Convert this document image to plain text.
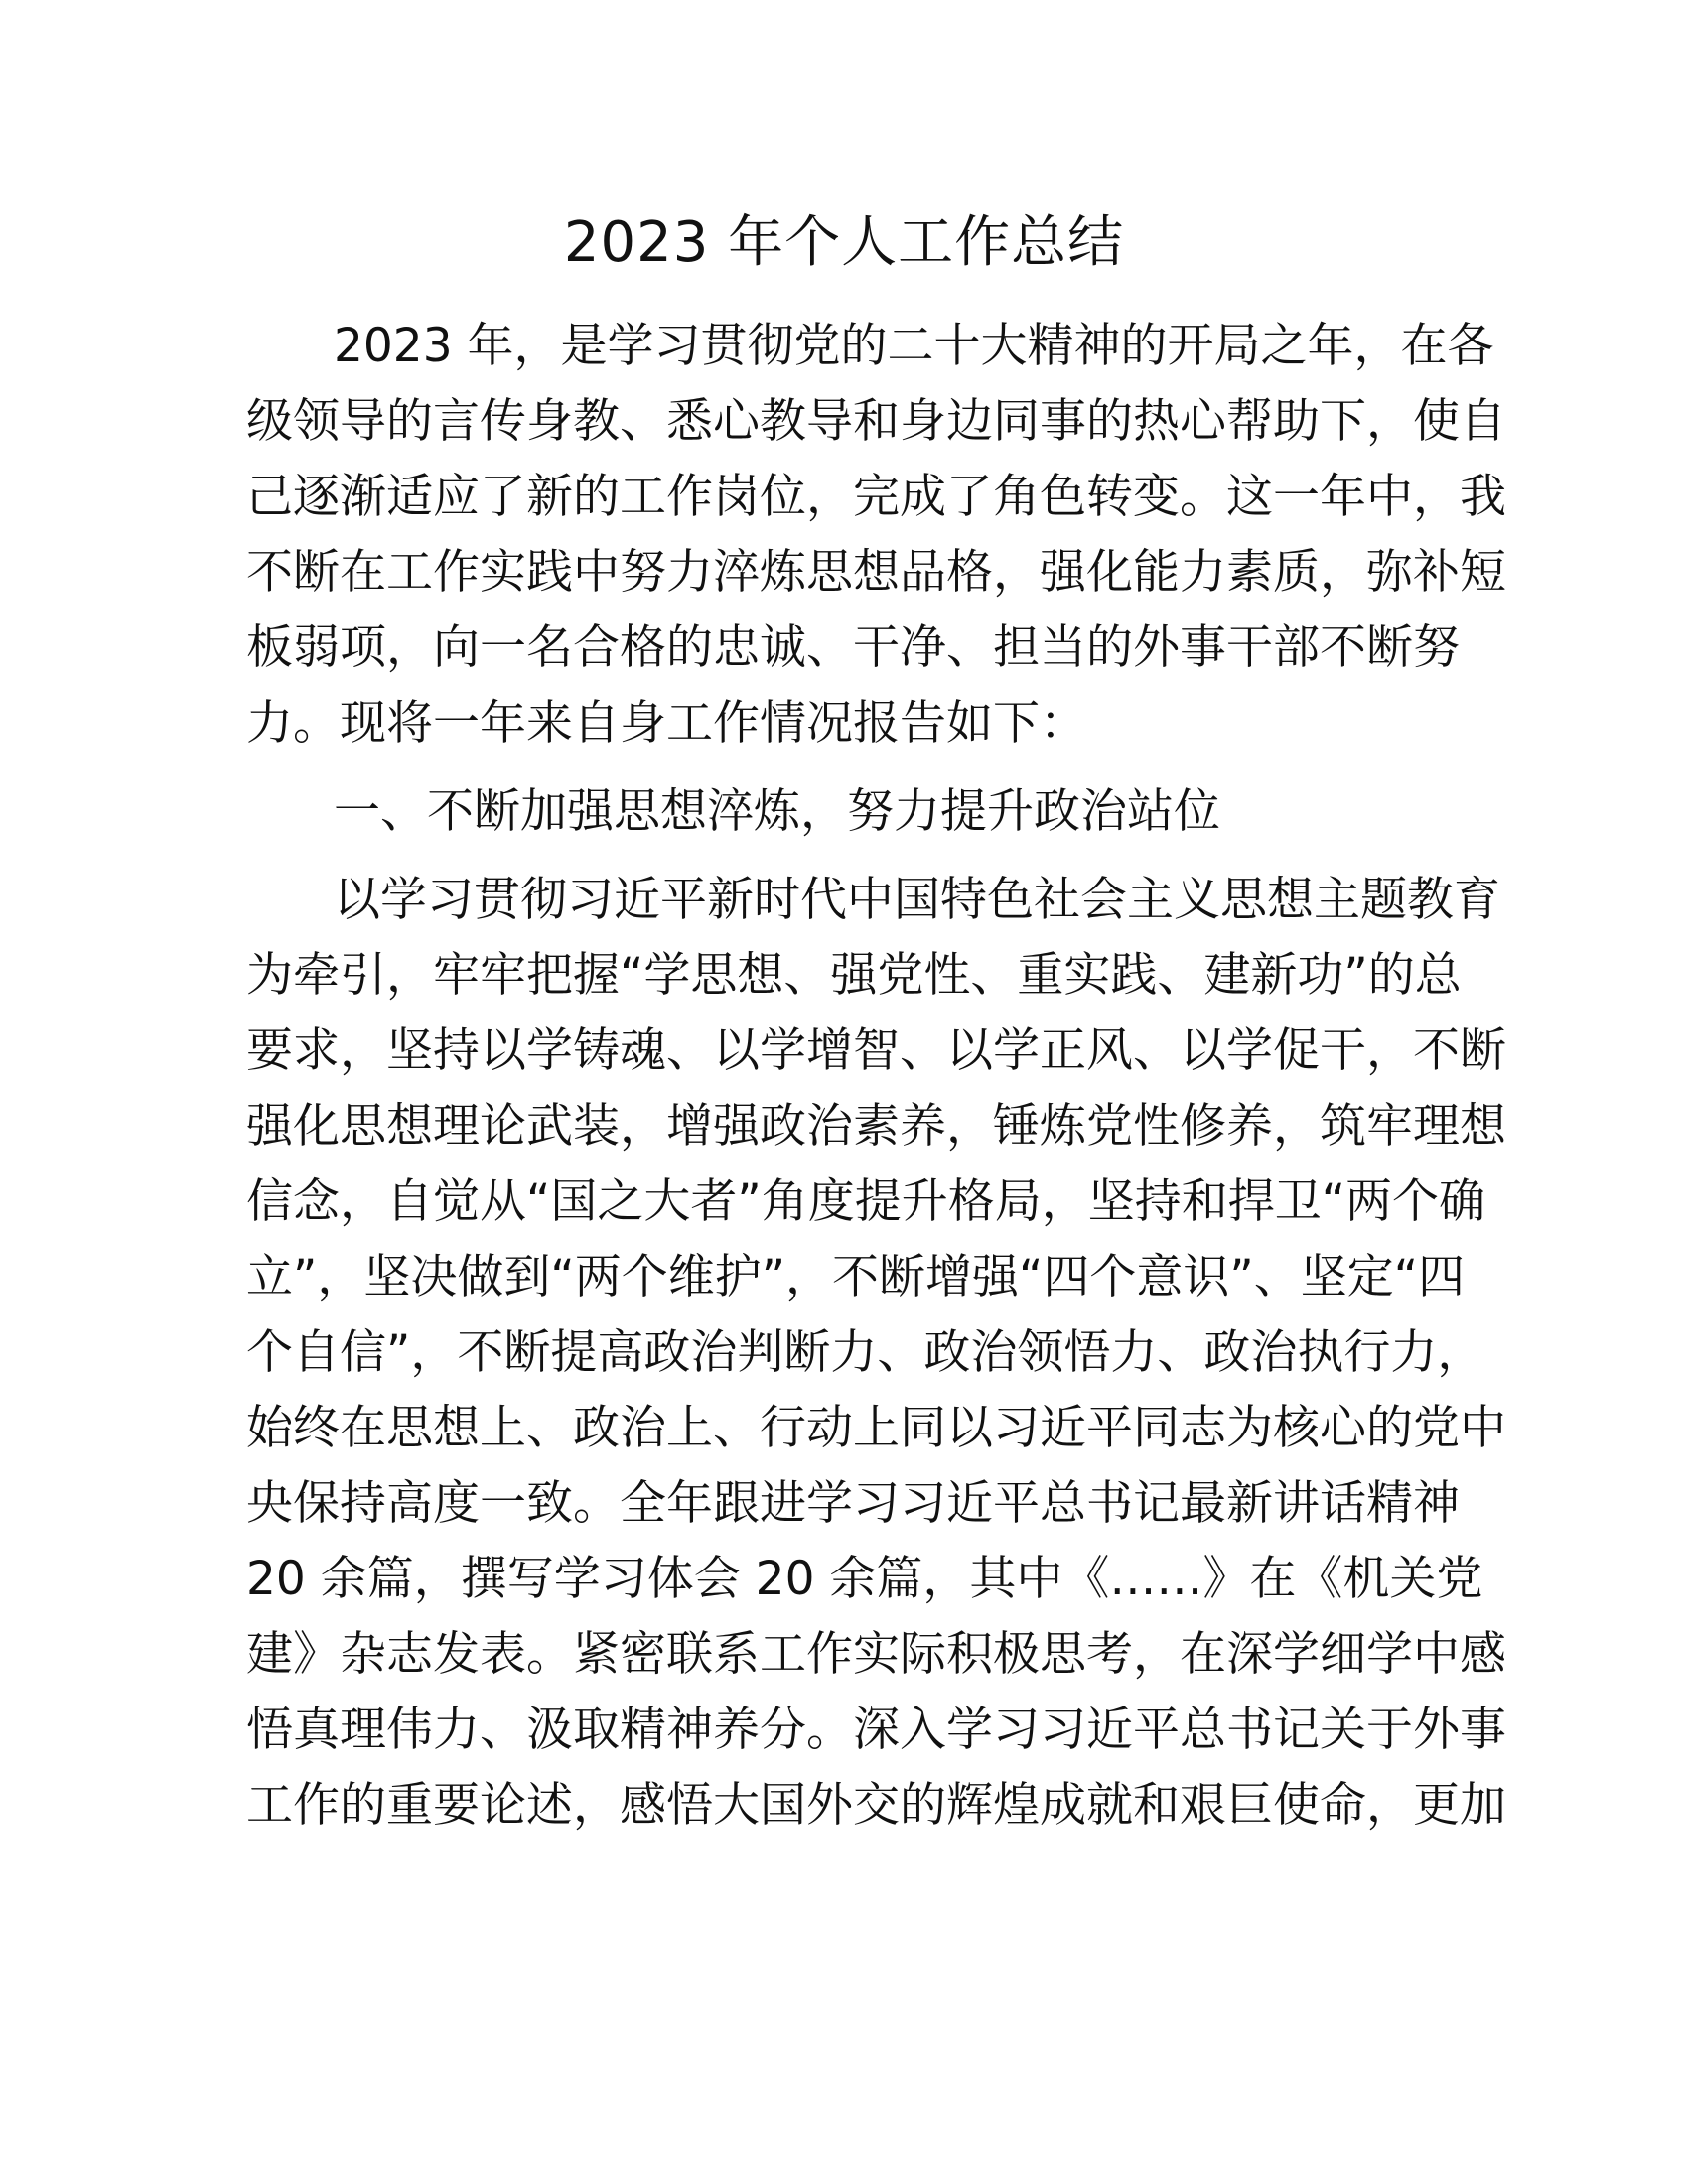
2023 年个人工作总结

2023 年，是学习贯彻党的二十大精神的开局之年，在各

级领导的言传身教、悉心教导和身边同事的热心帮助下，使自

己逐渐适应了新的工作岗位，完成了角色转变。这一年中，我

不断在工作实践中努力淬炼思想品格，强化能力素质，弥补短

板弱项，向一名合格的忠诚、干净、担当的外事干部不断努

力。现将一年来自身工作情况报告如下：

一、不断加强思想淬炼，努力提升政治站位

以学习贯彻习近平新时代中国特色社会主义思想主题教育

为牵引，牢牢把握“学思想、强党性、重实践、建新功”的总

要求，坚持以学铸魂、以学增智、以学正风、以学促干，不断

强化思想理论武装，增强政治素养，锤炼党性修养，筑牢理想

信念，自觉从“国之大者”角度提升格局，坚持和捍卫“两个确

立”，坚决做到“两个维护”，不断增强“四个意识”、坚定“四

个自信”，不断提高政治判断力、政治领悟力、政治执行力，

始终在思想上、政治上、行动上同以习近平同志为核心的党中

央保持高度一致。全年跟进学习习近平总书记最新讲话精神

20 余篇，撰写学习体会 20 余篇，其中《……》在《机关党

建》杂志发表。紧密联系工作实际积极思考，在深学细学中感

悟真理伟力、汲取精神养分。深入学习习近平总书记关于外事

工作的重要论述，感悟大国外交的辉煌成就和艰巨使命，更加
